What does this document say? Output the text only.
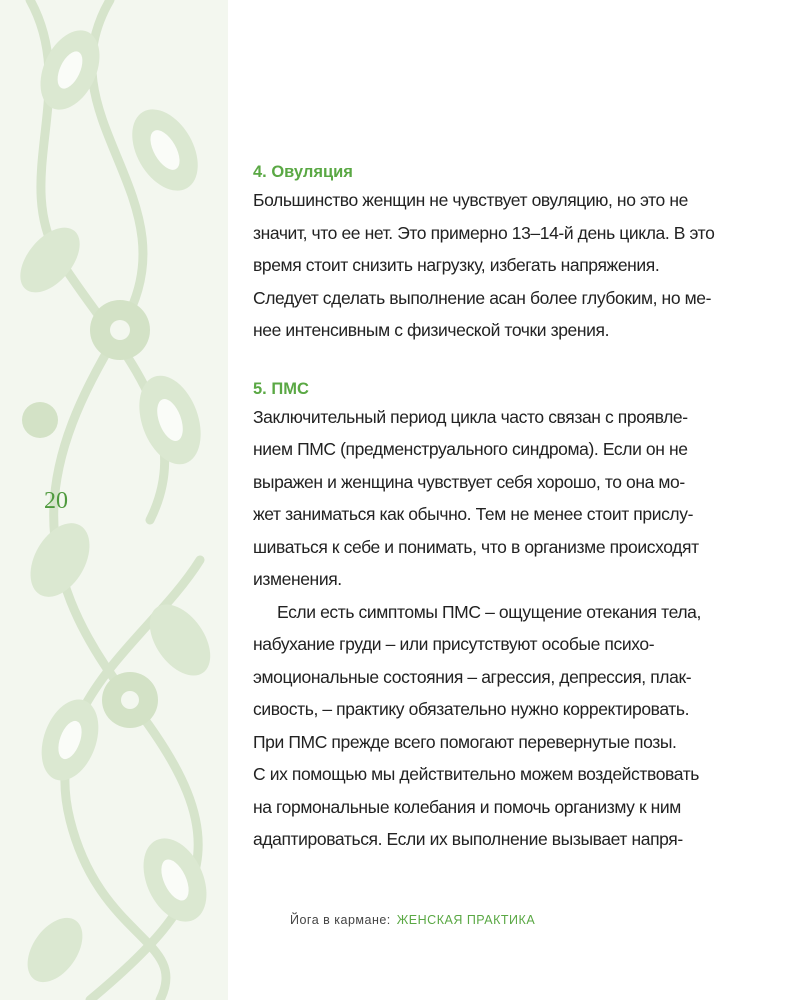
20
4. Овуляция
Большинство женщин не чувствует овуляцию, но это не
значит, что ее нет. Это примерно 13–14-й день цикла. В это
время стоит снизить нагрузку, избегать напряжения.
Следует сделать выполнение асан более глубоким, но ме-
нее интенсивным с физической точки зрения.
5. ПМС
Заключительный период цикла часто связан с проявле-
нием ПМС (предменструального синдрома). Если он не
выражен и женщина чувствует себя хорошо, то она мо-
жет заниматься как обычно. Тем не менее стоит прислу-
шиваться к себе и понимать, что в организме происходят
изменения.
Если есть симптомы ПМС – ощущение отекания тела,
набухание груди – или присутствуют особые психо-
эмоциональные состояния – агрессия, депрессия, плак-
сивость, – практику обязательно нужно корректировать.
При ПМС прежде всего помогают перевернутые позы.
С их помощью мы действительно можем воздействовать
на гормональные колебания и помочь организму к ним
адаптироваться. Если их выполнение вызывает напря-
Йога в кармане: ЖЕНСКАЯ ПРАКТИКА
